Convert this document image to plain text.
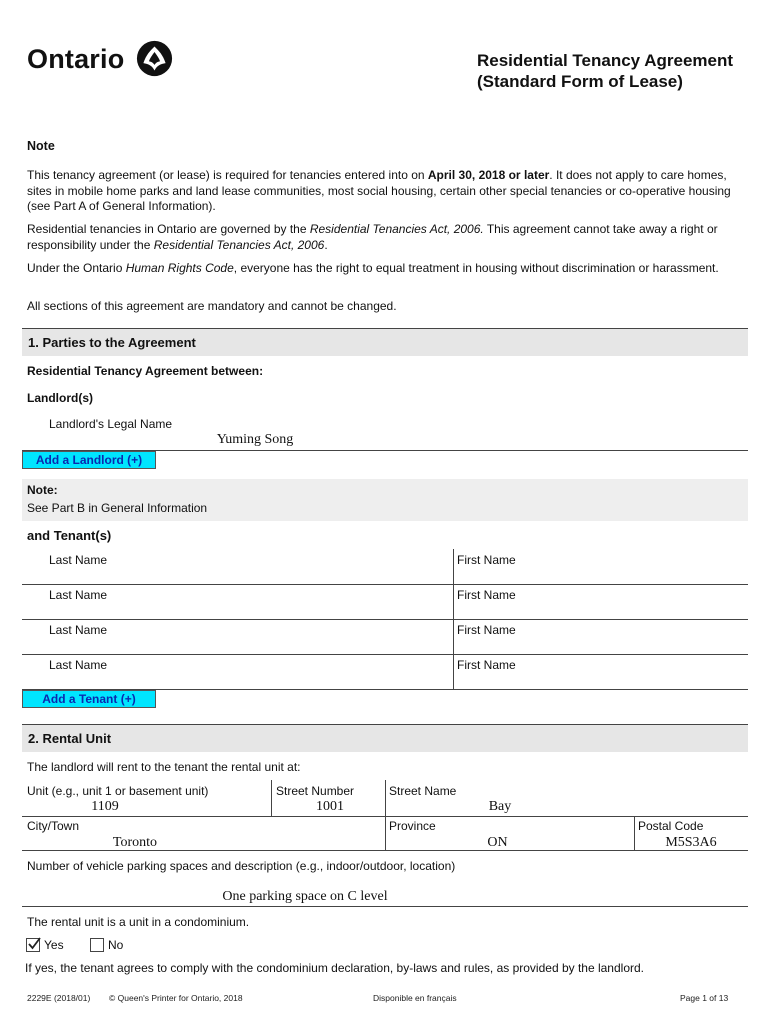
Ontario	Residential Tenancy Agreement
(Standard Form of Lease)
Note
This tenancy agreement (or lease) is required for tenancies entered into on April 30, 2018 or later. It does not apply to care homes, sites in mobile home parks and land lease communities, most social housing, certain other special tenancies or co-operative housing (see Part A of General Information).
Residential tenancies in Ontario are governed by the Residential Tenancies Act, 2006. This agreement cannot take away a right or responsibility under the Residential Tenancies Act, 2006.
Under the Ontario Human Rights Code, everyone has the right to equal treatment in housing without discrimination or harassment.
All sections of this agreement are mandatory and cannot be changed.
1. Parties to the Agreement
Residential Tenancy Agreement between:
Landlord(s)
Landlord's Legal Name
Yuming Song
Add a Landlord (+)
Note:
See Part B in General Information
and Tenant(s)
Last Name	First Name
Last Name	First Name
Last Name	First Name
Last Name	First Name
Add a Tenant (+)
2. Rental Unit
The landlord will rent to the tenant the rental unit at:
Unit (e.g., unit 1 or basement unit)
1109
Street Number
1001
Street Name
Bay
City/Town
Toronto
Province
ON
Postal Code
M5S3A6
Number of vehicle parking spaces and description (e.g., indoor/outdoor, location)
One parking space on C level
The rental unit is a unit in a condominium.
Yes	No
If yes, the tenant agrees to comply with the condominium declaration, by-laws and rules, as provided by the landlord.
2229E (2018/01) © Queen's Printer for Ontario, 2018	Disponible en français	Page 1 of 13
